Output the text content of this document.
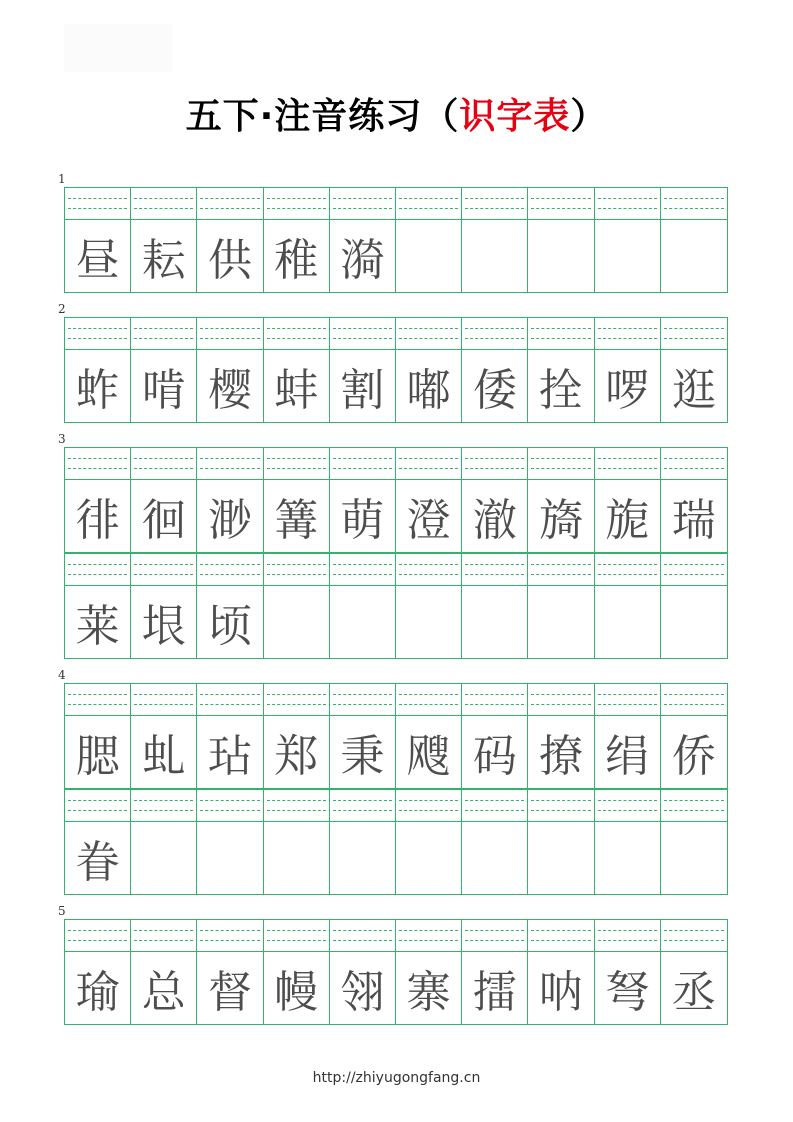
五下·注音练习（识字表）
1
昼 耘 供 稚 漪
2
蚱 啃 樱 蚌 割 嘟 倭 拴 啰 逛
3
徘 徊 渺 篝 萌 澄 澈 旖 旎 瑞
莱 垠 顷
4
腮 虬 玷 郑 秉 飕 码 撩 绢 侨
眷
5
瑜 总 督 幔 翎 寨 擂 呐 弩 丞
http://zhiyugongfang.cn
